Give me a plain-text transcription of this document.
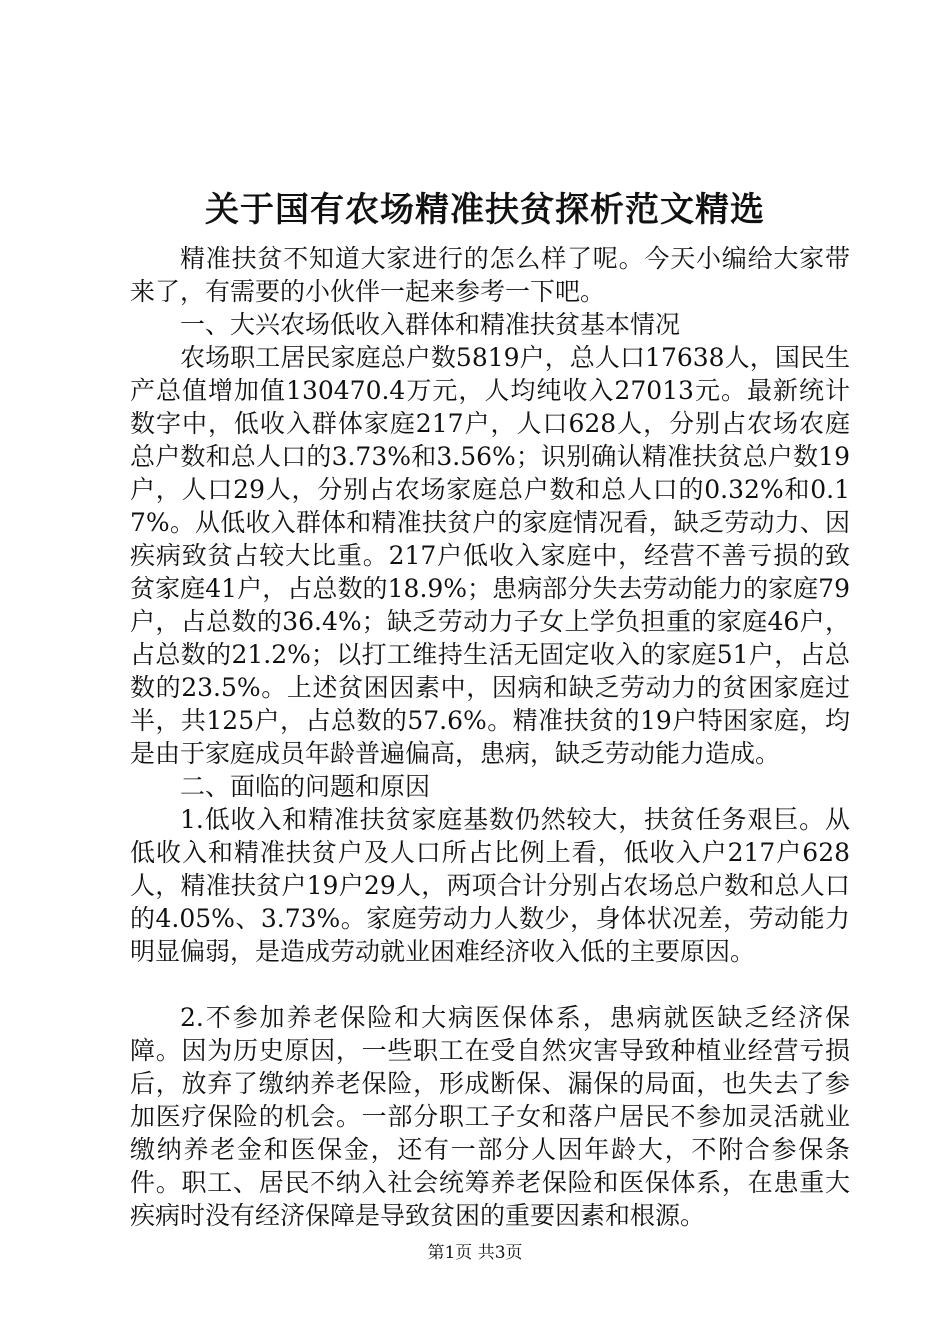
关于国有农场精准扶贫探析范文精选

精准扶贫不知道大家进行的怎么样了呢。今天小编给大家带来了，有需要的小伙伴一起来参考一下吧。

一、大兴农场低收入群体和精准扶贫基本情况

农场职工居民家庭总户数5819户，总人口17638人，国民生产总值增加值130470.4万元，人均纯收入27013元。最新统计数字中，低收入群体家庭217户，人口628人，分别占农场农庭总户数和总人口的3.73%和3.56%；识别确认精准扶贫总户数19户，人口29人，分别占农场家庭总户数和总人口的0.32%和0.17%。从低收入群体和精准扶贫户的家庭情况看，缺乏劳动力、因疾病致贫占较大比重。217户低收入家庭中，经营不善亏损的致贫家庭41户，占总数的18.9%；患病部分失去劳动能力的家庭79户，占总数的36.4%；缺乏劳动力子女上学负担重的家庭46户，占总数的21.2%；以打工维持生活无固定收入的家庭51户，占总数的23.5%。上述贫困因素中，因病和缺乏劳动力的贫困家庭过半，共125户，占总数的57.6%。精准扶贫的19户特困家庭，均是由于家庭成员年龄普遍偏高，患病，缺乏劳动能力造成。

二、面临的问题和原因

1.低收入和精准扶贫家庭基数仍然较大，扶贫任务艰巨。从低收入和精准扶贫户及人口所占比例上看，低收入户217户628人，精准扶贫户19户29人，两项合计分别占农场总户数和总人口的4.05%、3.73%。家庭劳动力人数少，身体状况差，劳动能力明显偏弱，是造成劳动就业困难经济收入低的主要原因。

2.不参加养老保险和大病医保体系，患病就医缺乏经济保障。因为历史原因，一些职工在受自然灾害导致种植业经营亏损后，放弃了缴纳养老保险，形成断保、漏保的局面，也失去了参加医疗保险的机会。一部分职工子女和落户居民不参加灵活就业缴纳养老金和医保金，还有一部分人因年龄大，不附合参保条件。职工、居民不纳入社会统筹养老保险和医保体系，在患重大疾病时没有经济保障是导致贫困的重要因素和根源。

第1页 共3页
